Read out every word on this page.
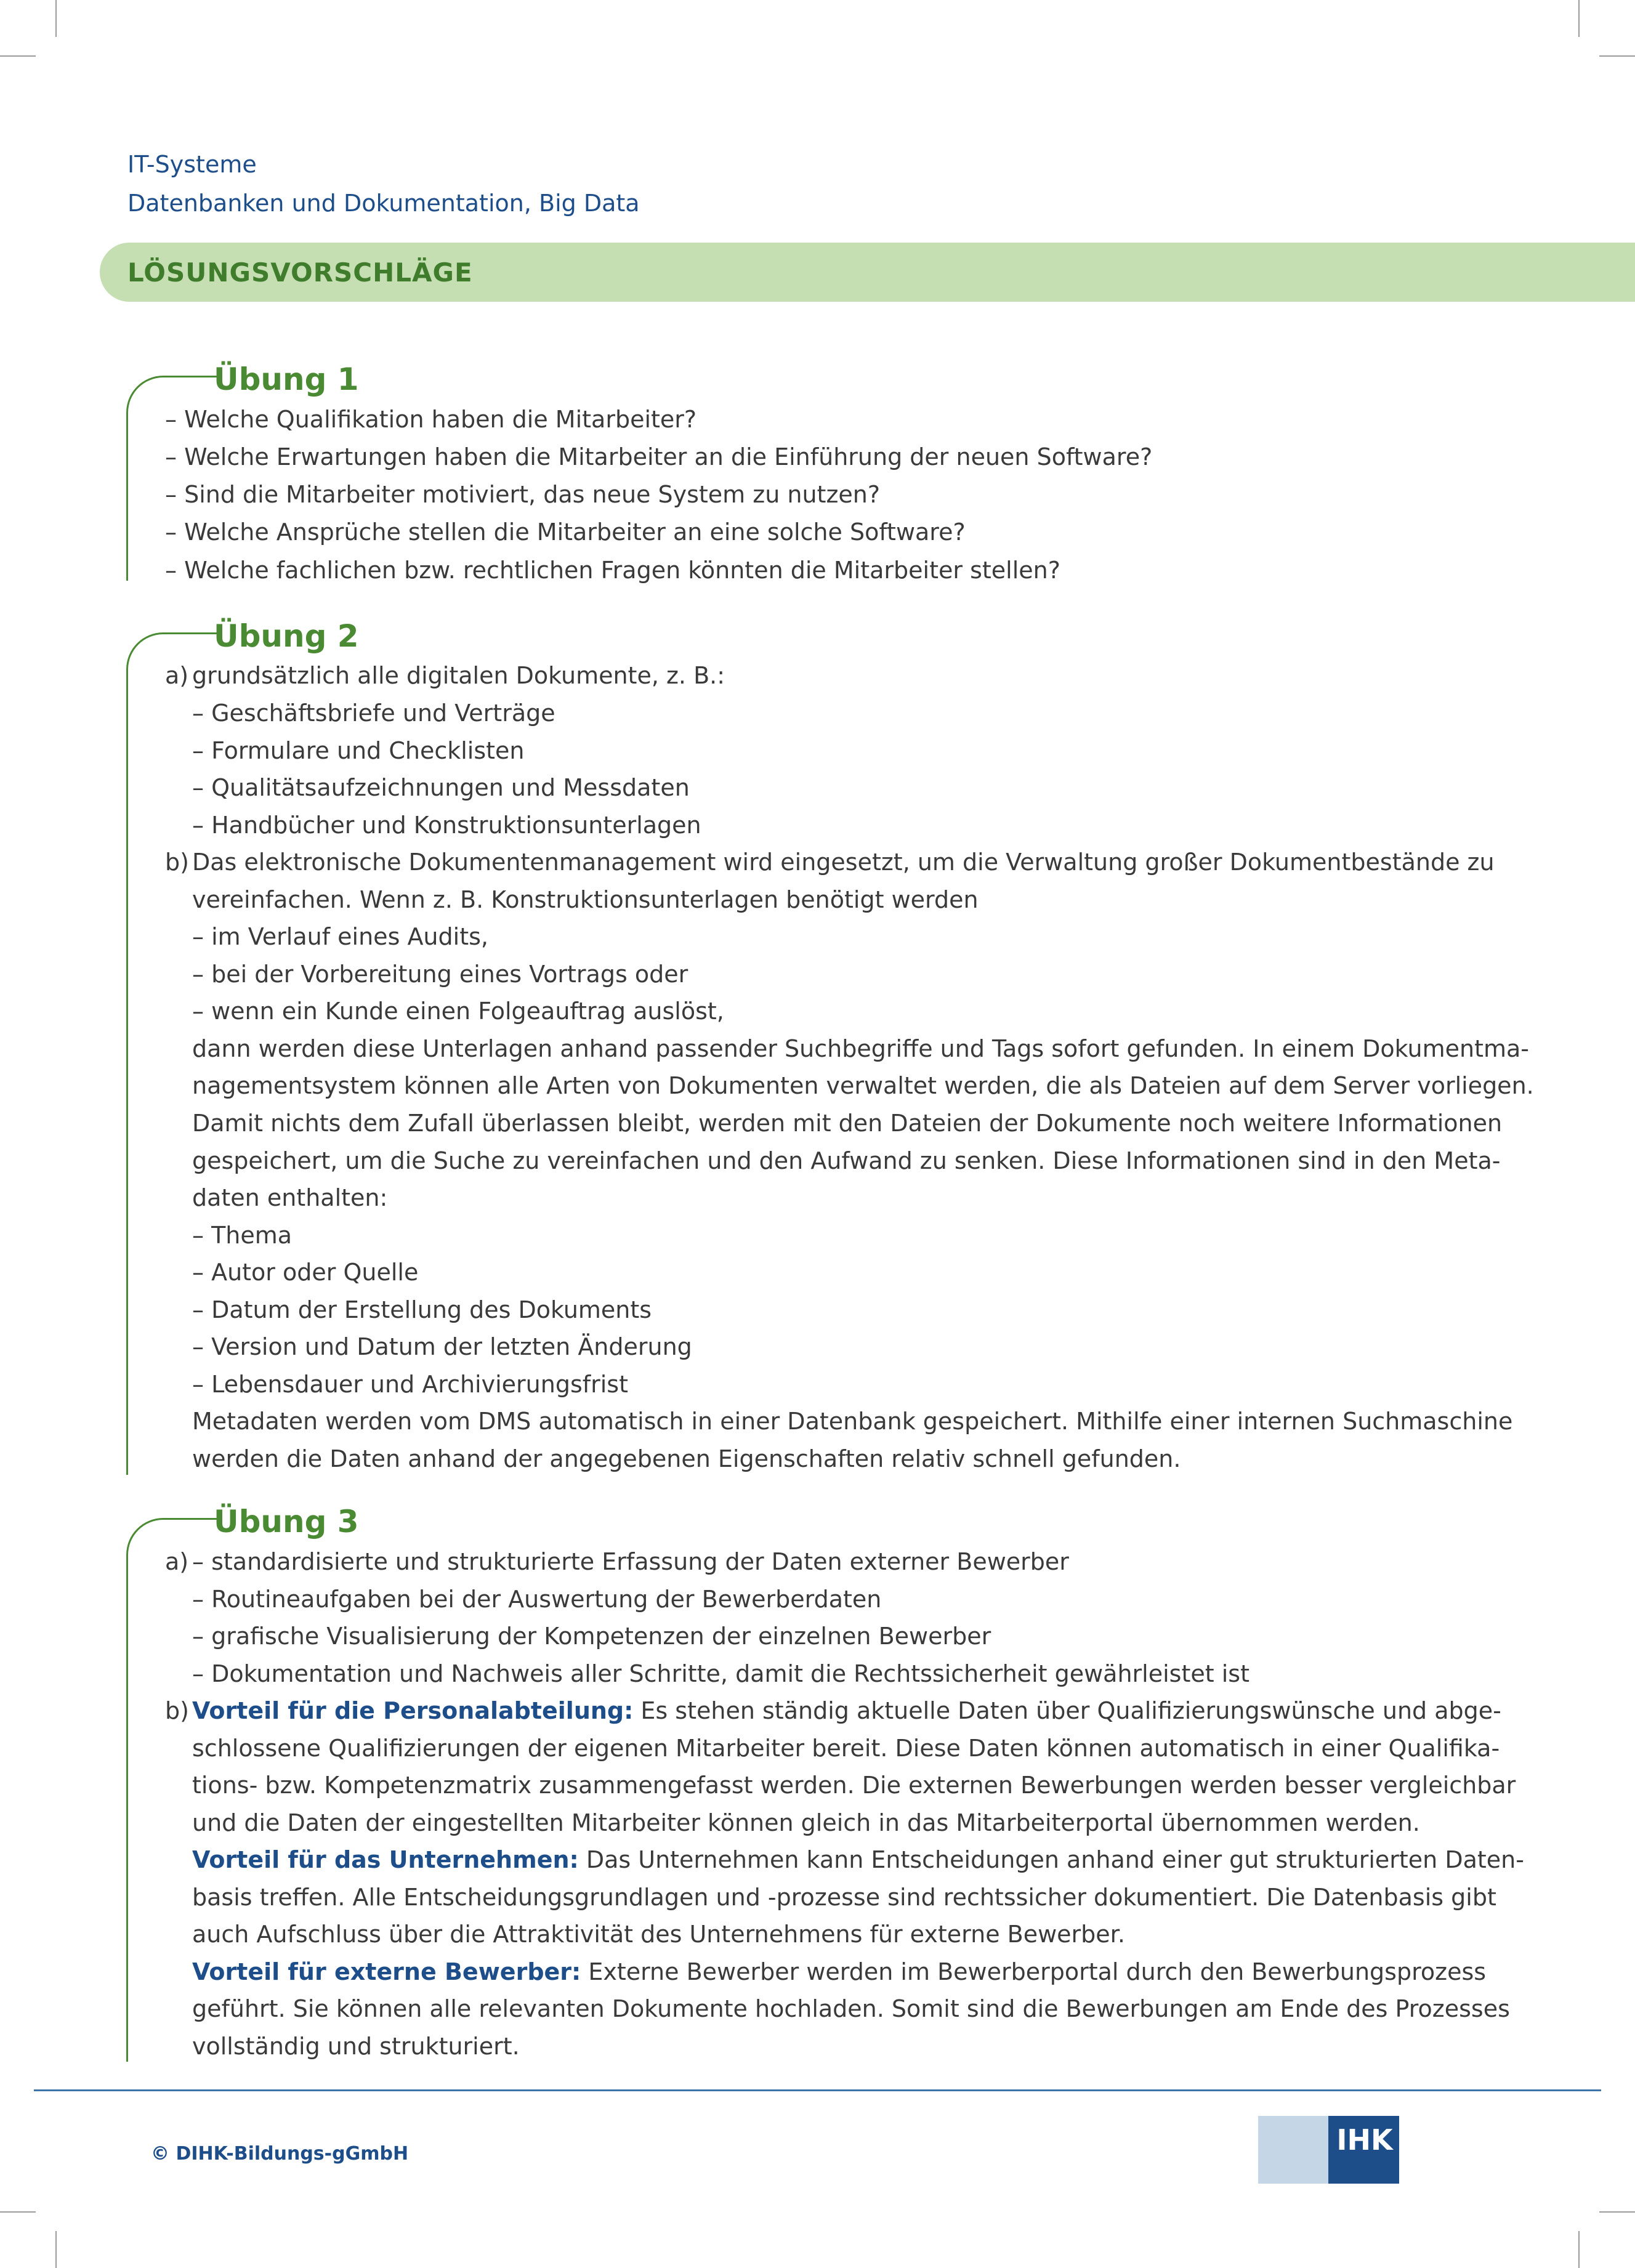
IT-Systeme
Datenbanken und Dokumentation, Big Data
LÖSUNGSVORSCHLÄGE
Übung 1
– Welche Qualifikation haben die Mitarbeiter?
– Welche Erwartungen haben die Mitarbeiter an die Einführung der neuen Software?
– Sind die Mitarbeiter motiviert, das neue System zu nutzen?
– Welche Ansprüche stellen die Mitarbeiter an eine solche Software?
– Welche fachlichen bzw. rechtlichen Fragen könnten die Mitarbeiter stellen?
Übung 2
a) grundsätzlich alle digitalen Dokumente, z. B.:
– Geschäftsbriefe und Verträge
– Formulare und Checklisten
– Qualitätsaufzeichnungen und Messdaten
– Handbücher und Konstruktionsunterlagen
b) Das elektronische Dokumentenmanagement wird eingesetzt, um die Verwaltung großer Dokumentbestände zu
vereinfachen. Wenn z. B. Konstruktionsunterlagen benötigt werden
– im Verlauf eines Audits,
– bei der Vorbereitung eines Vortrags oder
– wenn ein Kunde einen Folgeauftrag auslöst,
dann werden diese Unterlagen anhand passender Suchbegriffe und Tags sofort gefunden. In einem Dokumentma-
nagementsystem können alle Arten von Dokumenten verwaltet werden, die als Dateien auf dem Server vorliegen.
Damit nichts dem Zufall überlassen bleibt, werden mit den Dateien der Dokumente noch weitere Informationen
gespeichert, um die Suche zu vereinfachen und den Aufwand zu senken. Diese Informationen sind in den Meta-
daten enthalten:
– Thema
– Autor oder Quelle
– Datum der Erstellung des Dokuments
– Version und Datum der letzten Änderung
– Lebensdauer und Archivierungsfrist
Metadaten werden vom DMS automatisch in einer Datenbank gespeichert. Mithilfe einer internen Suchmaschine
werden die Daten anhand der angegebenen Eigenschaften relativ schnell gefunden.
Übung 3
a) – standardisierte und strukturierte Erfassung der Daten externer Bewerber
– Routineaufgaben bei der Auswertung der Bewerberdaten
– grafische Visualisierung der Kompetenzen der einzelnen Bewerber
– Dokumentation und Nachweis aller Schritte, damit die Rechtssicherheit gewährleistet ist
b) Vorteil für die Personalabteilung: Es stehen ständig aktuelle Daten über Qualifizierungswünsche und abge-
schlossene Qualifizierungen der eigenen Mitarbeiter bereit. Diese Daten können automatisch in einer Qualifika-
tions- bzw. Kompetenzmatrix zusammengefasst werden. Die externen Bewerbungen werden besser vergleichbar
und die Daten der eingestellten Mitarbeiter können gleich in das Mitarbeiterportal übernommen werden.
Vorteil für das Unternehmen: Das Unternehmen kann Entscheidungen anhand einer gut strukturierten Daten-
basis treffen. Alle Entscheidungsgrundlagen und -prozesse sind rechtssicher dokumentiert. Die Datenbasis gibt
auch Aufschluss über die Attraktivität des Unternehmens für externe Bewerber.
Vorteil für externe Bewerber: Externe Bewerber werden im Bewerberportal durch den Bewerbungsprozess
geführt. Sie können alle relevanten Dokumente hochladen. Somit sind die Bewerbungen am Ende des Prozesses
vollständig und strukturiert.
© DIHK-Bildungs-gGmbH	IHK
